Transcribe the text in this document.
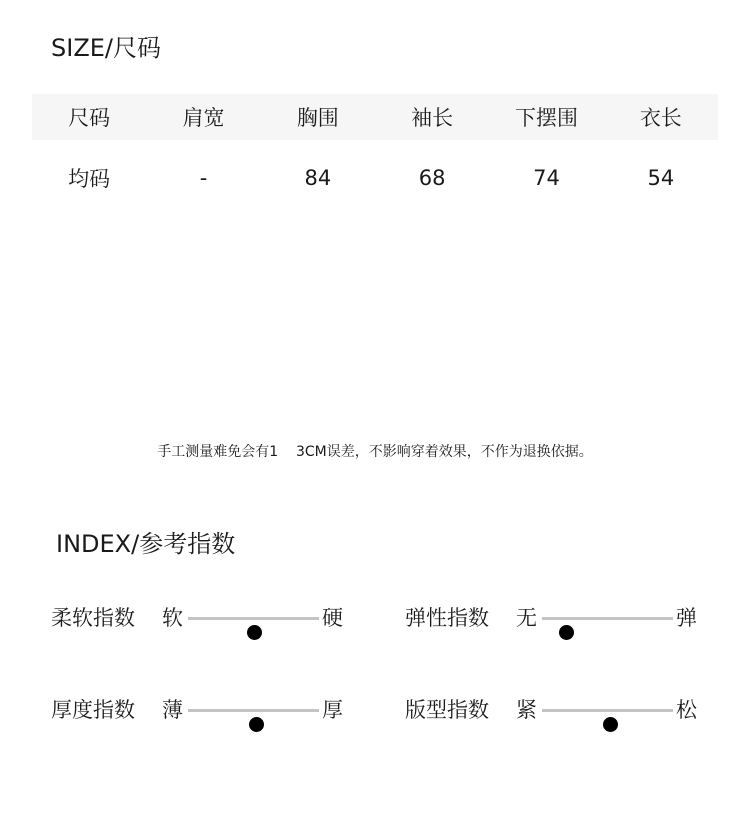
SIZE/尺码
尺码	肩宽	胸围	袖长	下摆围	衣长
均码	-	84	68	74	54
手工测量难免会有1    3CM误差，不影响穿着效果，不作为退换依据。
INDEX/参考指数
柔软指数 软	硬	弹性指数 无	弹
厚度指数 薄	厚	版型指数 紧	松
